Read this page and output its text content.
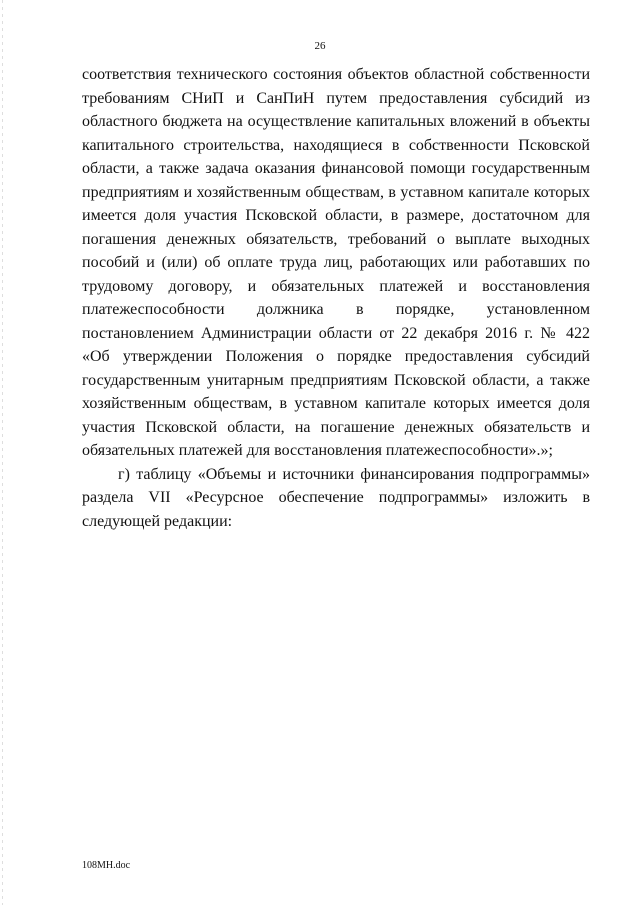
26
соответствия технического состояния объектов областной собственности
требованиям СНиП и СанПиН путем предоставления субсидий из
областного бюджета на осуществление капитальных вложений в объекты
капитального строительства, находящиеся в собственности Псковской
области, а также задача оказания финансовой помощи государственным
предприятиям и хозяйственным обществам, в уставном капитале которых
имеется доля участия Псковской области, в размере, достаточном для
погашения денежных обязательств, требований о выплате выходных
пособий и (или) об оплате труда лиц, работающих или работавших по
трудовому договору, и обязательных платежей и восстановления
платежеспособности должника в порядке, установленном
постановлением Администрации области от 22 декабря 2016 г. № 422
«Об утверждении Положения о порядке предоставления субсидий
государственным унитарным предприятиям Псковской области, а также
хозяйственным обществам, в уставном капитале которых имеется доля
участия Псковской области, на погашение денежных обязательств и
обязательных платежей для восстановления платежеспособности».»;
г) таблицу «Объемы и источники финансирования подпрограммы»
раздела VII «Ресурсное обеспечение подпрограммы» изложить в
следующей редакции:
108МН.doc
